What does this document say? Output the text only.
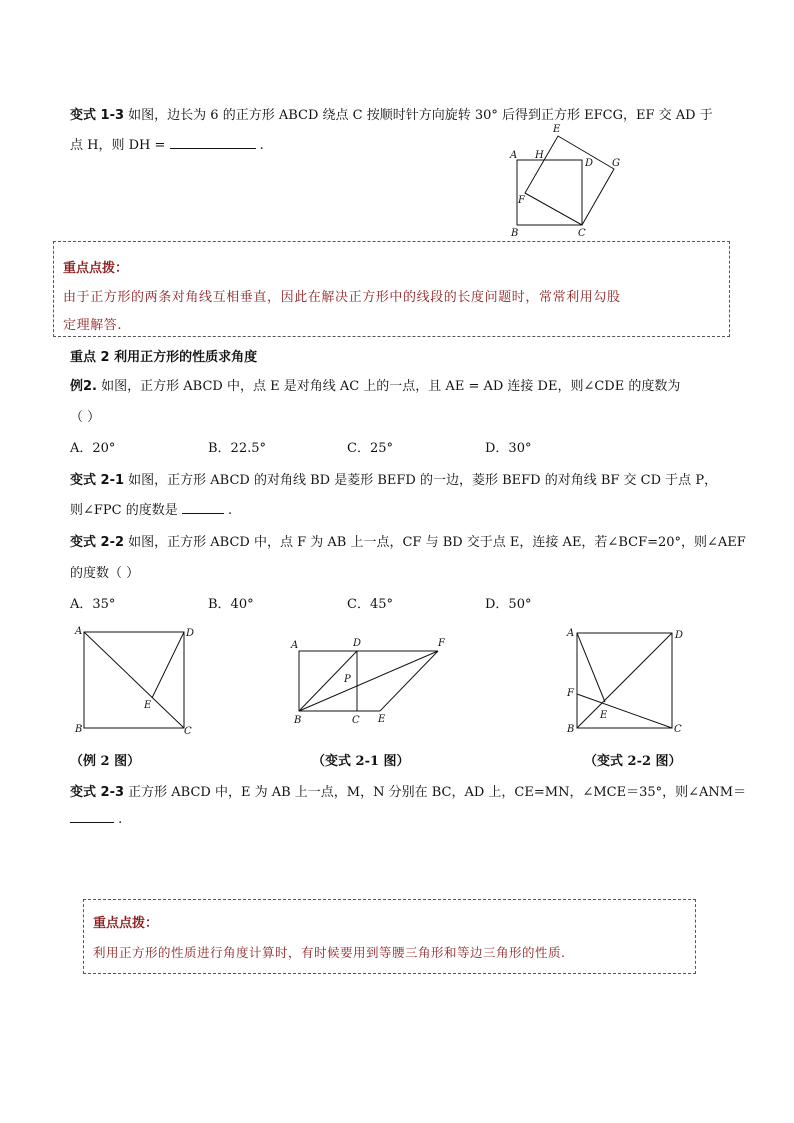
变式 1-3 如图，边长为 6 的正方形 ABCD 绕点 C 按顺时针方向旋转 30° 后得到正方形 EFCG，EF 交 AD 于
点 H，则 DH =	.
A H
E
D G
F
B	C
重点点拨：
由于正方形的两条对角线互相垂直，因此在解决正方形中的线段的长度问题时，常常利用勾股
定理解答.
重点 2 利用正方形的性质求角度
例2. 如图，正方形 ABCD 中，点 E 是对角线 AC 上的一点，且 AE = AD 连接 DE，则∠CDE 的度数为
（ ）
A．20°	B．22.5°	C．25°	D．30°
变式 2-1 如图，正方形 ABCD 的对角线 BD 是菱形 BEFD 的一边，菱形 BEFD 的对角线 BF 交 CD 于点 P，
则∠FPC 的度数是	.
变式 2-2 如图，正方形 ABCD 中，点 F 为 AB 上一点，CF 与 BD 交于点 E，连接 AE，若∠BCF=20°，则∠AEF
的度数（ ）
A．35°	B．40°	C．45°	D．50°
A	D
E
B	C
（例 2 图）
A	D	F
P
B	C E
（变式 2-1 图）
A	D
F
E
B	C
（变式 2-2 图）
变式 2-3 正方形 ABCD 中，E 为 AB 上一点，M，N 分别在 BC，AD 上，CE=MN，∠MCE＝35°，则∠ANM＝
.
重点点拨：
利用正方形的性质进行角度计算时，有时候要用到等腰三角形和等边三角形的性质.
